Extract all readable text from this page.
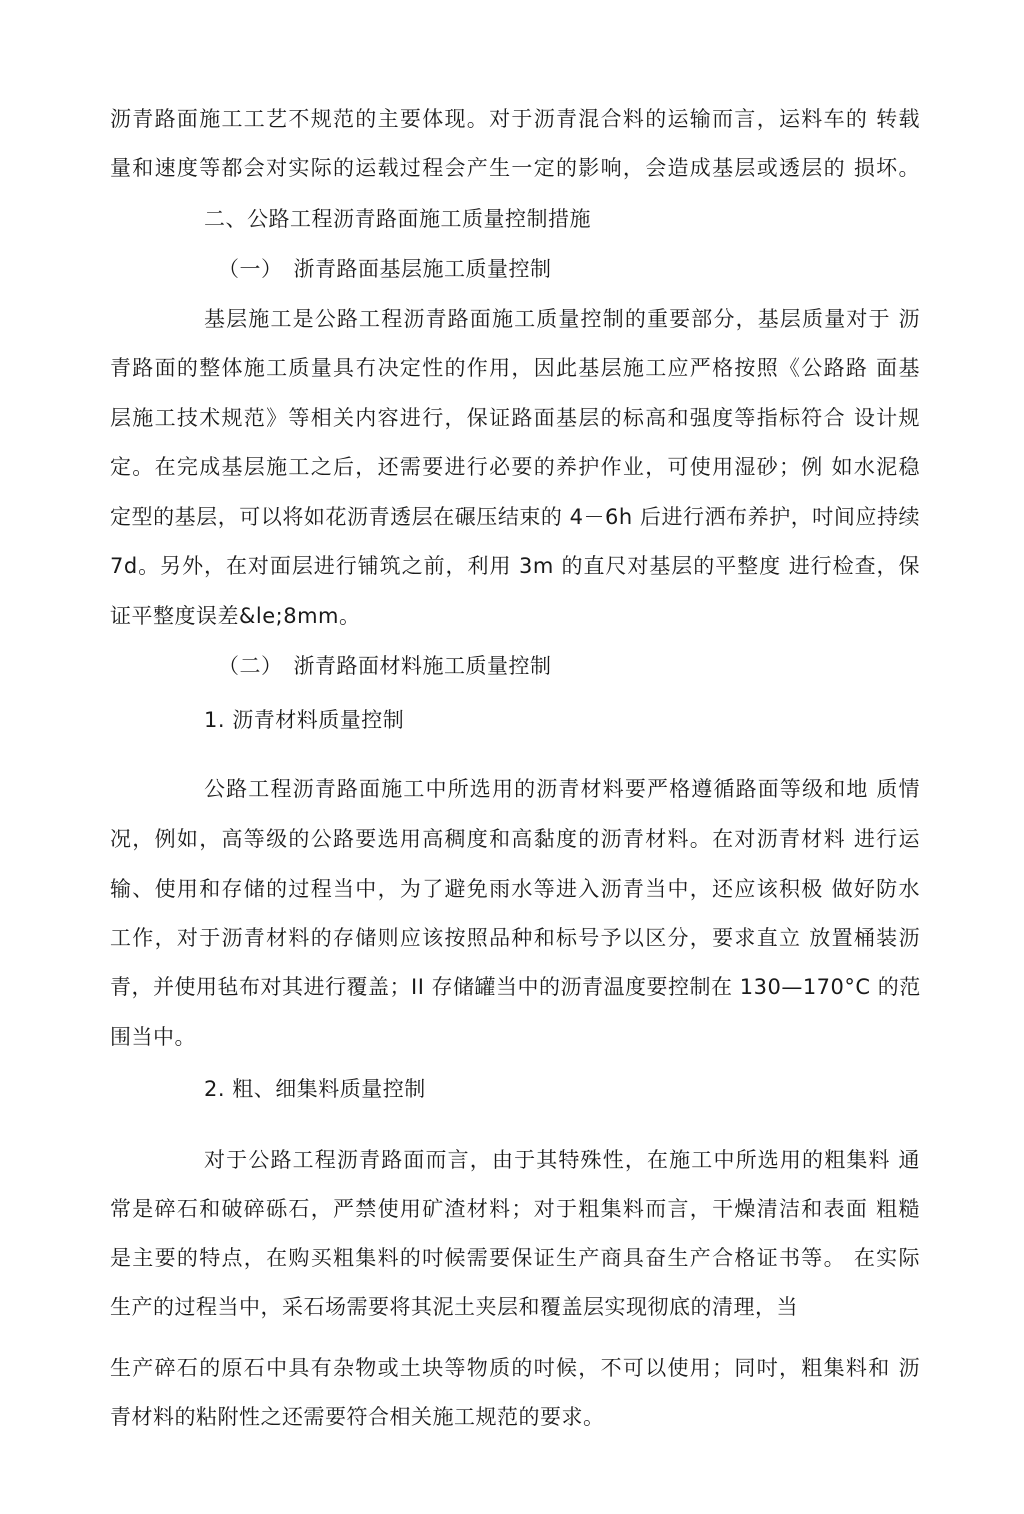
沥青路面施工工艺不规范的主要体现。对于沥青混合料的运输而言，运料车的 转载
量和速度等都会对实际的运载过程会产生一定的影响，会造成基层或透层的 损坏。
二、公路工程沥青路面施工质量控制措施
（一）　浙青路面基层施工质量控制
基层施工是公路工程沥青路面施工质量控制的重要部分，基层质量对于 沥
青路面的整体施工质量具冇决定性的作用，因此基层施工应严格按照《公路路 面基
层施工技术规范》等相关内容进行，保证路面基层的标高和强度等指标符合 设计规
定。在完成基层施工之后，还需要进行必要的养护作业，可使用湿砂；例 如水泥稳
定型的基层，可以将如花沥青透层在碾压结束的 4－6h 后进行洒布养护，吋间应持续
7d。另外，在对面层进行铺筑之前，利用 3m 的直尺对基层的平整度 进行检查，保
证平整度误差&le;8mm。
（二）　浙青路面材料施工质量控制
1. 沥青材料质量控制
公路工程沥青路面施工中所选用的沥青材料要严格遵循路面等级和地 质情
况，例如，高等级的公路要选用高稠度和高黏度的沥青材料。在对沥青材料 进行运
输、使用和存储的过程当中，为了避免雨水等进入沥青当中，还应该积极 做好防水
工作，对于沥青材料的存储则应该按照品种和标号予以区分，要求直立 放置桶装沥
青，并使用毡布对其进行覆盖；II 存储罐当中的沥青温度要控制在 130—170°C 的范
围当中。
2. 粗、细集料质量控制
对于公路工程沥青路面而言，由于其特殊性，在施工中所选用的粗集料 通
常是碎石和破碎砾石，严禁使用矿渣材料；对于粗集料而言，干燥清洁和表面 粗糙
是主要的特点，在购买粗集料的吋候需要保证生产商具奋生产合格证书等。 在实际
生产的过程当中，采石场需要将其泥土夹层和覆盖层实现彻底的清理，当
生产碎石的原石中具有杂物或土块等物质的吋候，不可以使用；同吋，粗集料和 沥
青材料的粘附性之还需要符合相关施工规范的要求。
